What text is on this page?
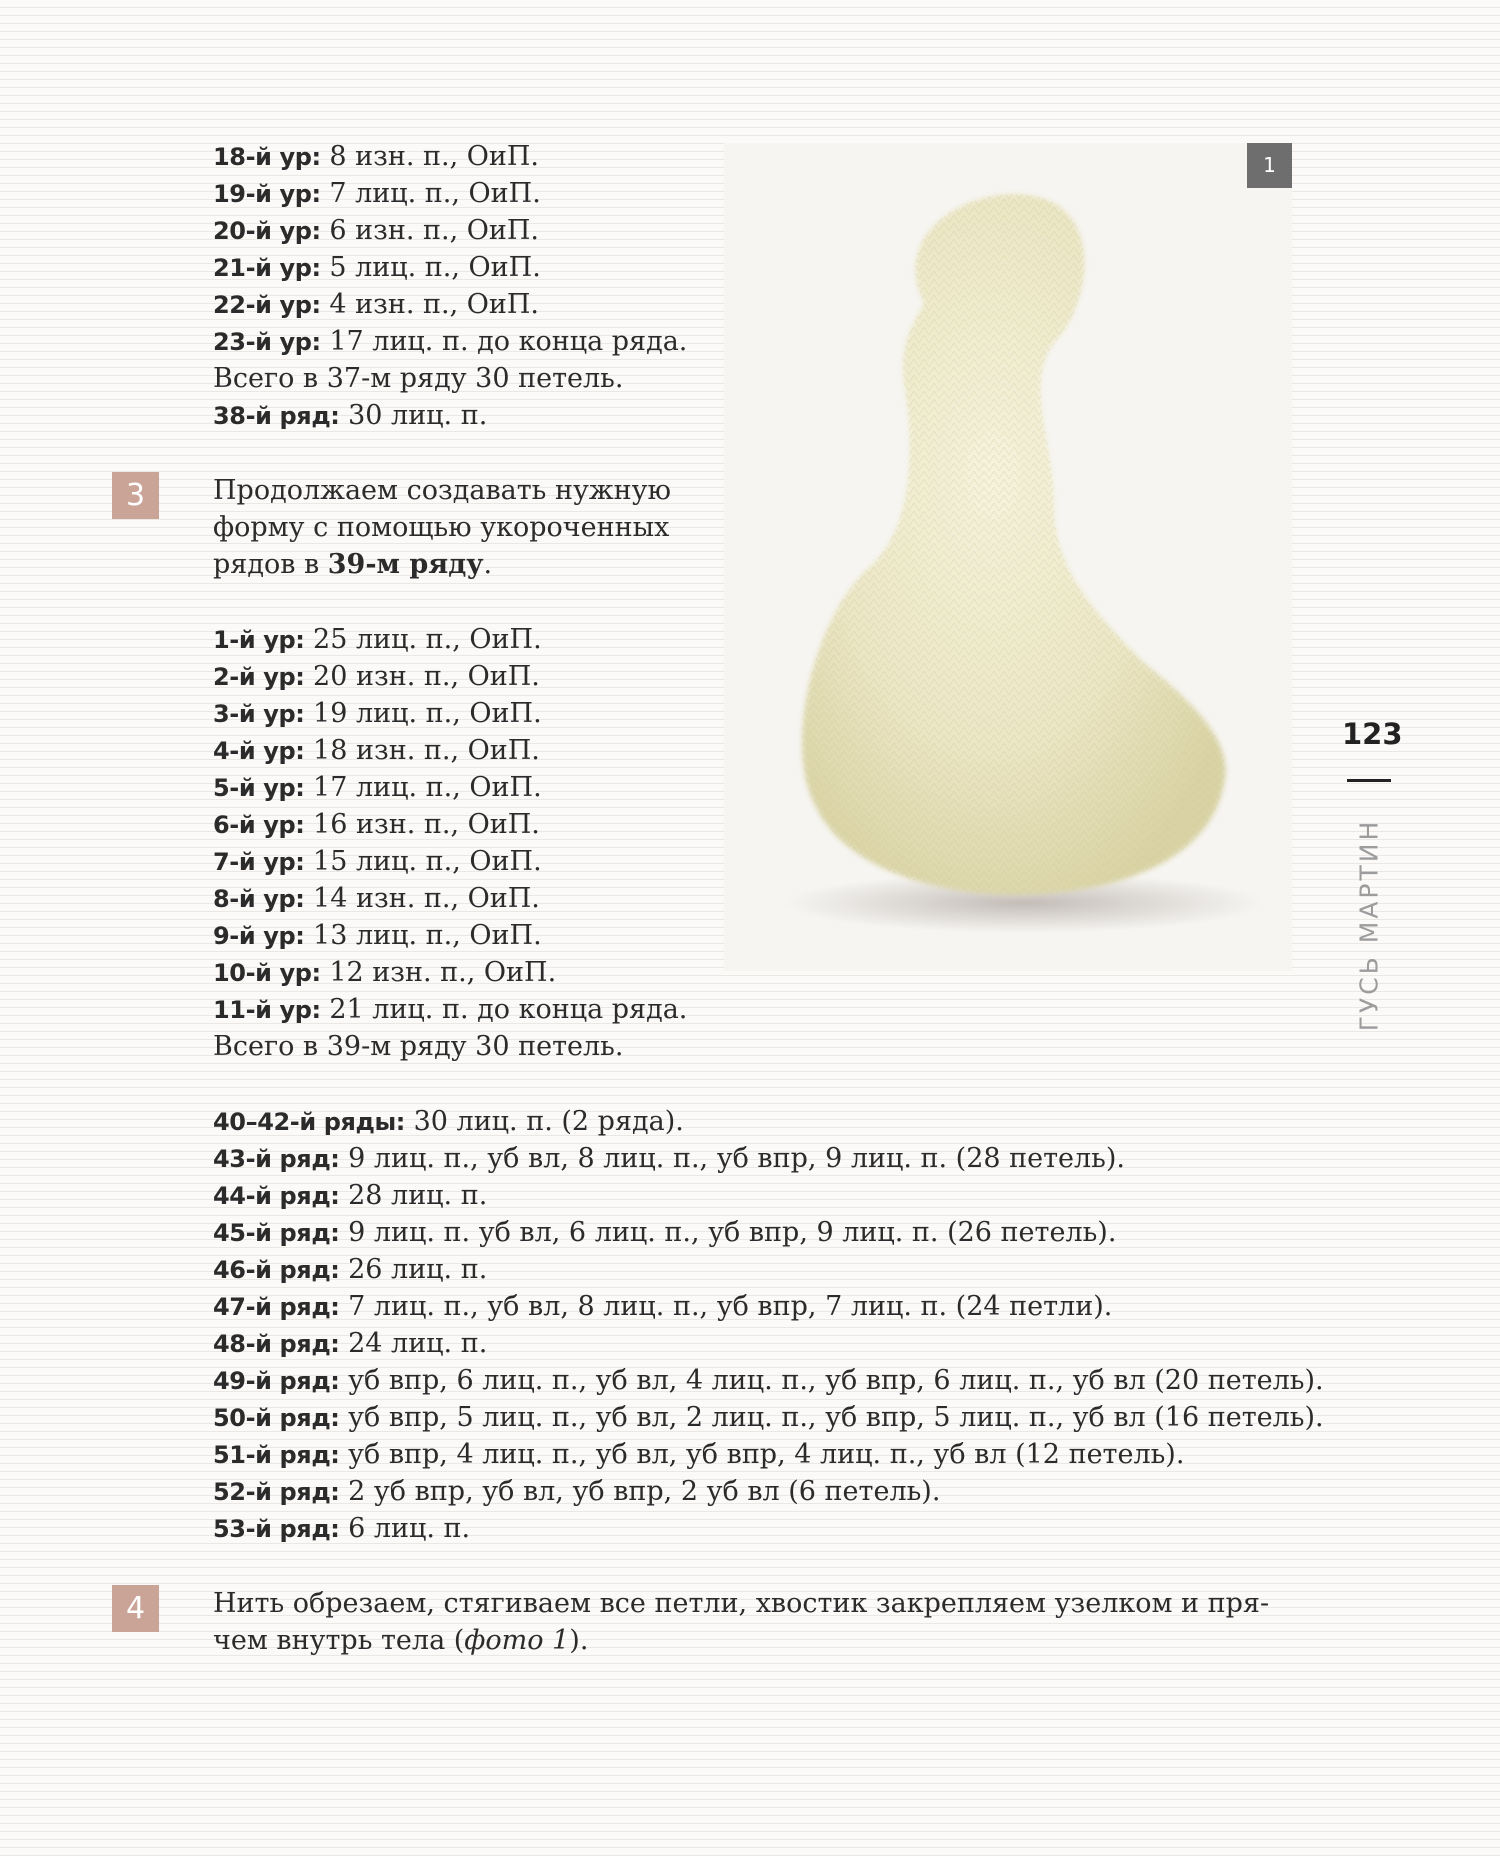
18-й ур: 8 изн. п., ОиП.

19-й ур: 7 лиц. п., ОиП.

20-й ур: 6 изн. п., ОиП.

21-й ур: 5 лиц. п., ОиП.

22-й ур: 4 изн. п., ОиП.

23-й ур: 17 лиц. п. до конца ряда.

Всего в 37-м ряду 30 петель.

38-й ряд: 30 лиц. п.

3	Продолжаем создавать нужную

форму с помощью укороченных

рядов в 39-м ряду.

1-й ур: 25 лиц. п., ОиП.

2-й ур: 20 изн. п., ОиП.

3-й ур: 19 лиц. п., ОиП.

4-й ур: 18 изн. п., ОиП.

5-й ур: 17 лиц. п., ОиП.

6-й ур: 16 изн. п., ОиП.

7-й ур: 15 лиц. п., ОиП.

8-й ур: 14 изн. п., ОиП.

9-й ур: 13 лиц. п., ОиП.

10-й ур: 12 изн. п., ОиП.

11-й ур: 21 лиц. п. до конца ряда.

Всего в 39-м ряду 30 петель.

40–42-й ряды: 30 лиц. п. (2 ряда).

43-й ряд: 9 лиц. п., уб вл, 8 лиц. п., уб впр, 9 лиц. п. (28 петель).

44-й ряд: 28 лиц. п.

45-й ряд: 9 лиц. п. уб вл, 6 лиц. п., уб впр, 9 лиц. п. (26 петель).

46-й ряд: 26 лиц. п.

47-й ряд: 7 лиц. п., уб вл, 8 лиц. п., уб впр, 7 лиц. п. (24 петли).

48-й ряд: 24 лиц. п.

49-й ряд: уб впр, 6 лиц. п., уб вл, 4 лиц. п., уб впр, 6 лиц. п., уб вл (20 петель).

50-й ряд: уб впр, 5 лиц. п., уб вл, 2 лиц. п., уб впр, 5 лиц. п., уб вл (16 петель).

51-й ряд: уб впр, 4 лиц. п., уб вл, уб впр, 4 лиц. п., уб вл (12 петель).

52-й ряд: 2 уб впр, уб вл, уб впр, 2 уб вл (6 петель).

53-й ряд: 6 лиц. п.

4	Нить обрезаем, стягиваем все петли, хвостик закрепляем узелком и пря-

чем внутрь тела (фото 1).

1
123
ГУСЬ МАРТИН
